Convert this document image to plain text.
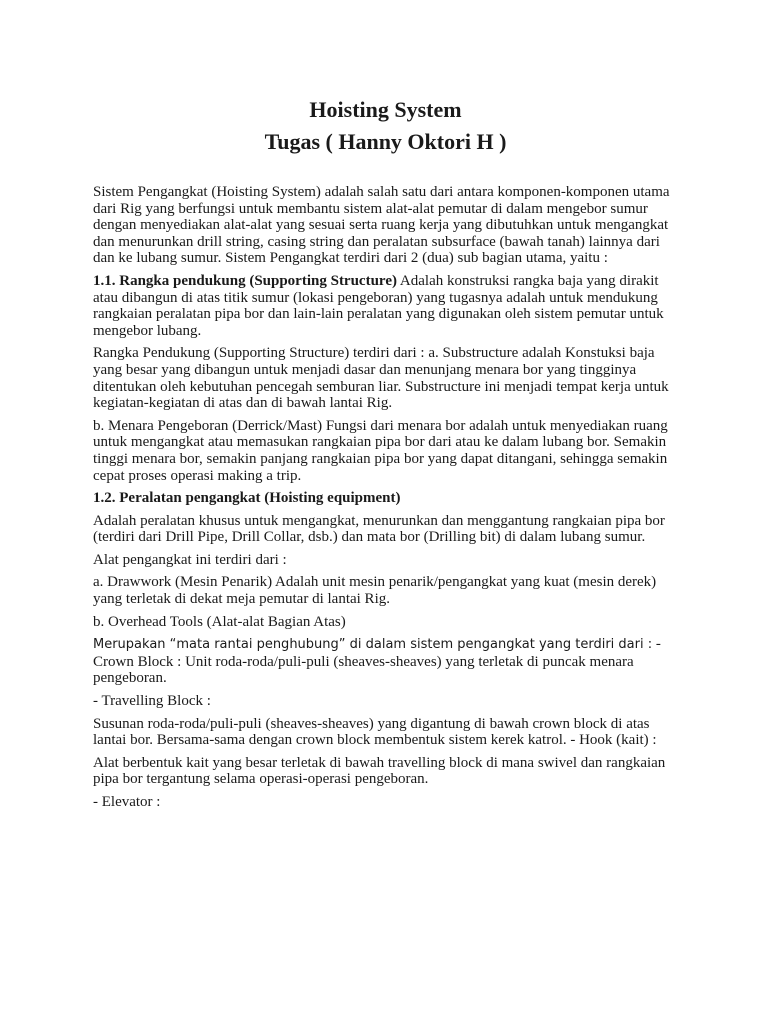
Hoisting System
Tugas ( Hanny Oktori H )

Sistem Pengangkat (Hoisting System) adalah salah satu dari antara komponen-komponen utama dari Rig yang berfungsi untuk membantu sistem alat-alat pemutar di dalam mengebor sumur dengan menyediakan alat-alat yang sesuai serta ruang kerja yang dibutuhkan untuk mengangkat dan menurunkan drill string, casing string dan peralatan subsurface (bawah tanah) lainnya dari dan ke lubang sumur. Sistem Pengangkat terdiri dari 2 (dua) sub bagian utama, yaitu :

1.1. Rangka pendukung (Supporting Structure) Adalah konstruksi rangka baja yang dirakit atau dibangun di atas titik sumur (lokasi pengeboran) yang tugasnya adalah untuk mendukung rangkaian peralatan pipa bor dan lain-lain peralatan yang digunakan oleh sistem pemutar untuk mengebor lubang.

Rangka Pendukung (Supporting Structure) terdiri dari : a. Substructure adalah Konstuksi baja yang besar yang dibangun untuk menjadi dasar dan menunjang menara bor yang tingginya ditentukan oleh kebutuhan pencegah semburan liar. Substructure ini menjadi tempat kerja untuk kegiatan-kegiatan di atas dan di bawah lantai Rig.

b. Menara Pengeboran (Derrick/Mast) Fungsi dari menara bor adalah untuk menyediakan ruang untuk mengangkat atau memasukan rangkaian pipa bor dari atau ke dalam lubang bor. Semakin tinggi menara bor, semakin panjang rangkaian pipa bor yang dapat ditangani, sehingga semakin cepat proses operasi making a trip.

1.2. Peralatan pengangkat (Hoisting equipment)

Adalah peralatan khusus untuk mengangkat, menurunkan dan menggantung rangkaian pipa bor (terdiri dari Drill Pipe, Drill Collar, dsb.) dan mata bor (Drilling bit) di dalam lubang sumur.

Alat pengangkat ini terdiri dari :

a. Drawwork (Mesin Penarik) Adalah unit mesin penarik/pengangkat yang kuat (mesin derek) yang terletak di dekat meja pemutar di lantai Rig.

b. Overhead Tools (Alat-alat Bagian Atas)

Merupakan “mata rantai penghubung” di dalam sistem pengangkat yang terdiri dari : - Crown Block : Unit roda-roda/puli-puli (sheaves-sheaves) yang terletak di puncak menara pengeboran.

- Travelling Block :

Susunan roda-roda/puli-puli (sheaves-sheaves) yang digantung di bawah crown block di atas lantai bor. Bersama-sama dengan crown block membentuk sistem kerek katrol. - Hook (kait) :

Alat berbentuk kait yang besar terletak di bawah travelling block di mana swivel dan rangkaian pipa bor tergantung selama operasi-operasi pengeboran.

- Elevator :
